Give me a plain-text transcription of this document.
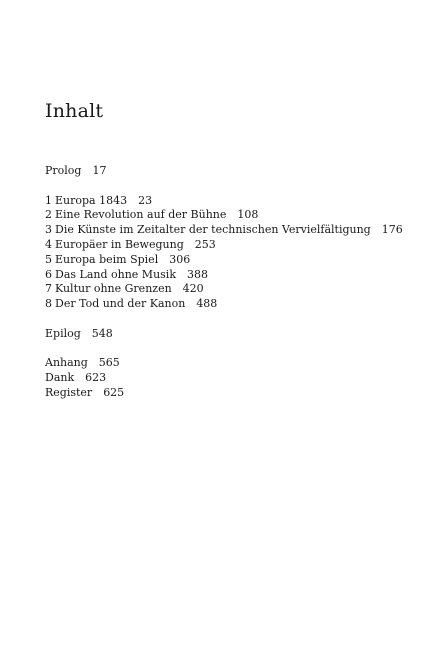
Inhalt
Prolog 17
1 Europa 1843 23
2 Eine Revolution auf der Bühne 108
3 Die Künste im Zeitalter der technischen Vervielfältigung 176
4 Europäer in Bewegung 253
5 Europa beim Spiel 306
6 Das Land ohne Musik 388
7 Kultur ohne Grenzen 420
8 Der Tod und der Kanon 488
Epilog 548
Anhang 565
Dank 623
Register 625
